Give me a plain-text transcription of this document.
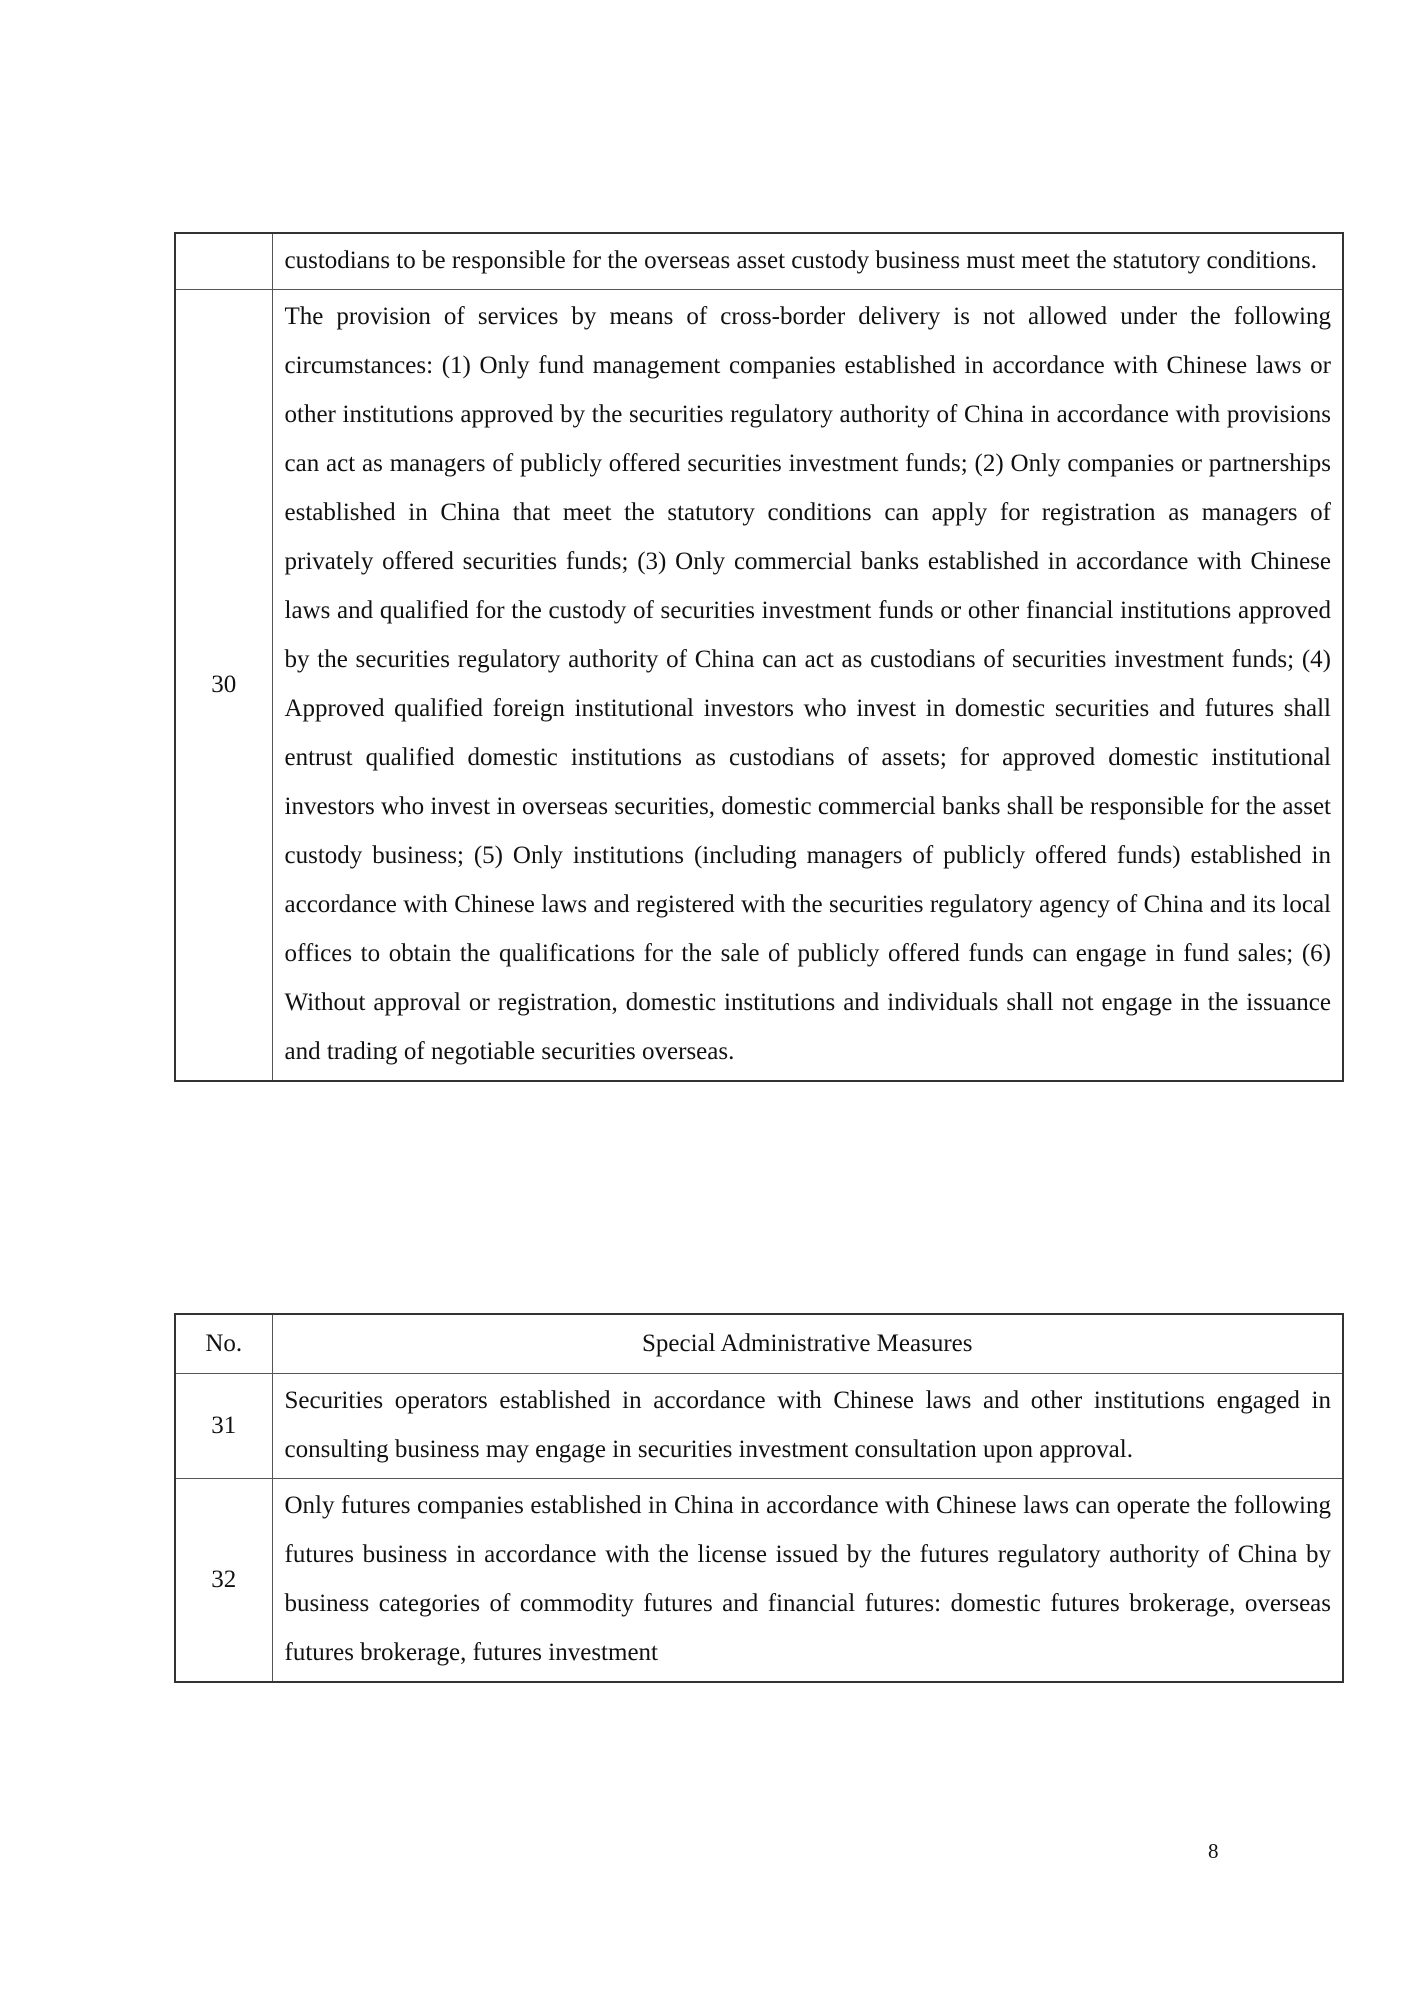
	custodians to be responsible for the overseas asset custody business must meet the statutory conditions.
30	The provision of services by means of cross-border delivery is not allowed under the following circumstances: (1) Only fund management companies established in accordance with Chinese laws or other institutions approved by the securities regulatory authority of China in accordance with provisions can act as managers of publicly offered securities investment funds; (2) Only companies or partnerships established in China that meet the statutory conditions can apply for registration as managers of privately offered securities funds; (3) Only commercial banks established in accordance with Chinese laws and qualified for the custody of securities investment funds or other financial institutions approved by the securities regulatory authority of China can act as custodians of securities investment funds; (4) Approved qualified foreign institutional investors who invest in domestic securities and futures shall entrust qualified domestic institutions as custodians of assets; for approved domestic institutional investors who invest in overseas securities, domestic commercial banks shall be responsible for the asset custody business; (5) Only institutions (including managers of publicly offered funds) established in accordance with Chinese laws and registered with the securities regulatory agency of China and its local offices to obtain the qualifications for the sale of publicly offered funds can engage in fund sales; (6) Without approval or registration, domestic institutions and individuals shall not engage in the issuance and trading of negotiable securities overseas.
No.	Special Administrative Measures
31	Securities operators established in accordance with Chinese laws and other institutions engaged in consulting business may engage in securities investment consultation upon approval.
32	Only futures companies established in China in accordance with Chinese laws can operate the following futures business in accordance with the license issued by the futures regulatory authority of China by business categories of commodity futures and financial futures: domestic futures brokerage, overseas futures brokerage, futures investment
8
